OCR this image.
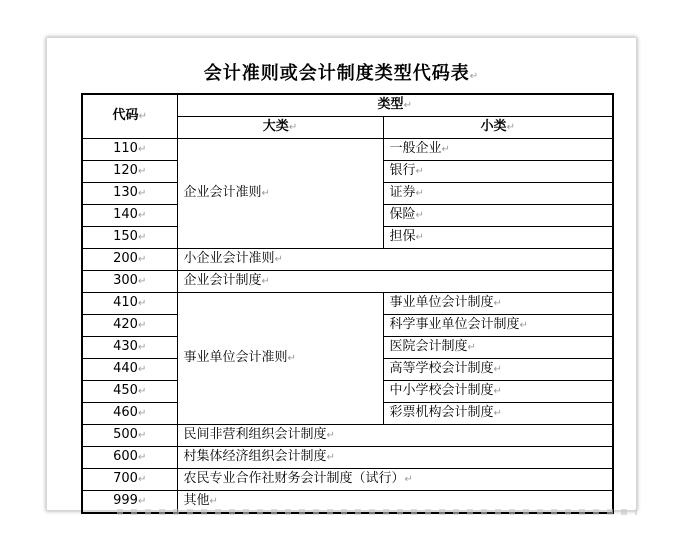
会计准则或会计制度类型代码表↵
代码↵	类型↵	
	大类↵	小类↵
110↵	企业会计准则↵	一般企业↵
120↵		银行↵
130↵		证券↵
140↵		保险↵
150↵		担保↵
200↵	小企业会计准则↵	
300↵	企业会计制度↵	
410↵	事业单位会计准则↵	事业单位会计制度↵
420↵		科学事业单位会计制度↵
430↵		医院会计制度↵
440↵		高等学校会计制度↵
450↵		中小学校会计制度↵
460↵		彩票机构会计制度↵
500↵	民间非营利组织会计制度↵	
600↵	村集体经济组织会计制度↵	
700↵	农民专业合作社财务会计制度（试行）↵	
999↵	其他↵	
